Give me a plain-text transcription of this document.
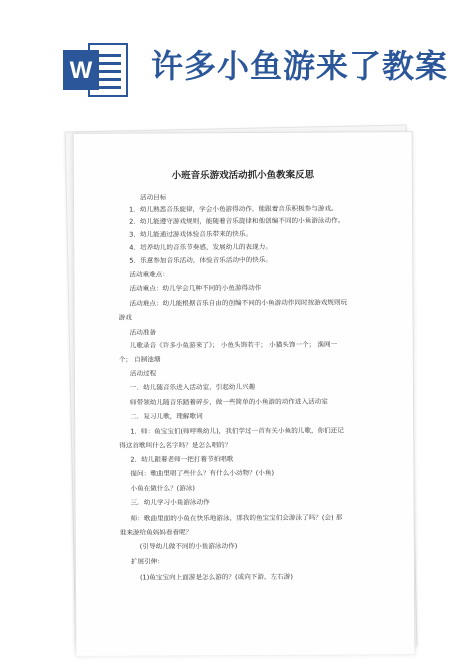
W 许多小鱼游来了教案
小班音乐游戏活动抓小鱼教案反思
活动目标
1．幼儿熟悉音乐旋律，学会小鱼游得动作，能跟着音乐积极参与游戏。
2．幼儿能遵守游戏规则，能随着音乐旋律和他创编不同的小鱼游泳动作。
3．幼儿能通过游戏体验音乐带来的快乐。
4．培养幼儿的音乐节奏感，发展幼儿的表现力。
5．乐意参加音乐活动，体验音乐活动中的快乐。
活动重难点：
活动重点：幼儿学会几种不同的小鱼游得动作
活动难点：幼儿能根据音乐自由的创编不同的小鱼游动作同时按游戏规则玩
游戏
活动准备
儿歌录音《许多小鱼游来了》； 小鱼头饰若干； 小猫头饰一个； 渔网一
个； 自制池塘
活动过程
一．幼儿随音乐进入活动室，引起幼儿兴趣
师带领幼儿随音乐踏着碎步，做一些简单的小鱼游的动作进入活动室
二．复习儿歌，理解歌词
1．师：鱼宝宝们(师呼唤幼儿)，我们学过一首有关小鱼的儿歌，你们还记
得这首歌叫什么名字吗？是怎么唱的？
2．幼儿跟着老师一把打着节拍唱歌
提问：歌曲里唱了些什么？有什么小动物？(小鱼)
小鱼在做什么？(游泳)
三．幼儿学习小鱼游泳动作
师：歌曲里面的小鱼在快乐地游泳，那我的鱼宝宝们会游泳了吗？(会) 那
谁来游给鱼妈妈看看呢？
(引导幼儿做不同的小鱼游泳动作)
扩展引伸：
(1)鱼宝宝向上面游是怎么游的？(或向下游，左右游)
